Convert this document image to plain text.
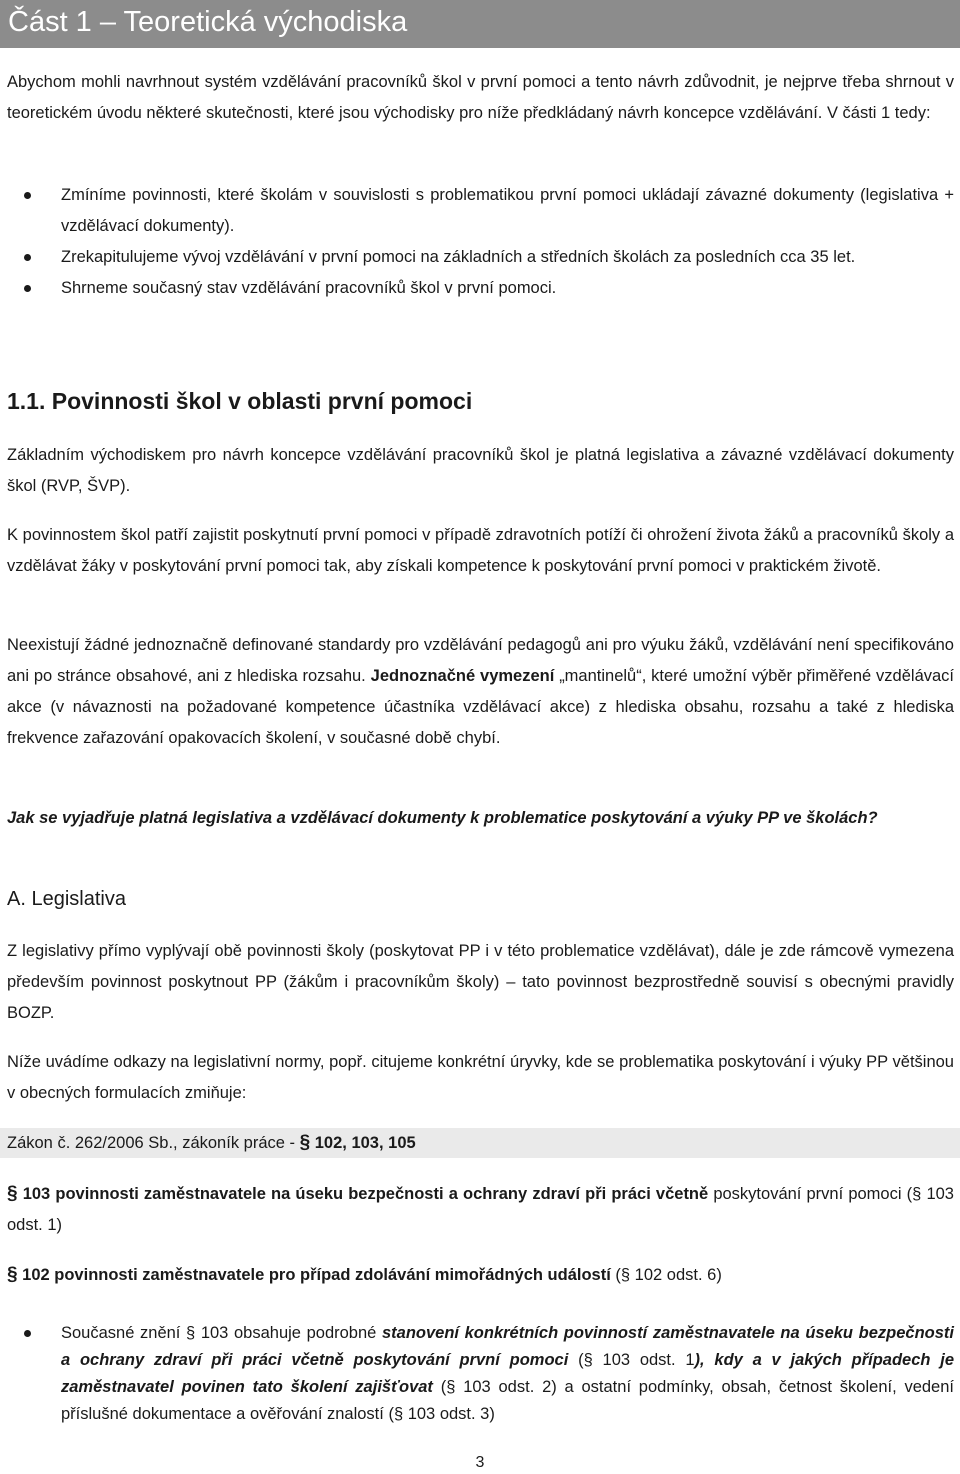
Část 1 – Teoretická východiska

Abychom mohli navrhnout systém vzdělávání pracovníků škol v první pomoci a tento návrh zdůvodnit, je nejprve třeba shrnout v teoretickém úvodu některé skutečnosti, které jsou východisky pro níže předkládaný návrh koncepce vzdělávání. V části 1 tedy:

Zmíníme povinnosti, které školám v souvislosti s problematikou první pomoci ukládají závazné dokumenty (legislativa + vzdělávací dokumenty).
Zrekapitulujeme vývoj vzdělávání v první pomoci na základních a středních školách za posledních cca 35 let.
Shrneme současný stav vzdělávání pracovníků škol v první pomoci.
1.1. Povinnosti škol v oblasti první pomoci

Základním východiskem pro návrh koncepce vzdělávání pracovníků škol je platná legislativa a závazné vzdělávací dokumenty škol (RVP, ŠVP).

K povinnostem škol patří zajistit poskytnutí první pomoci v případě zdravotních potíží či ohrožení života žáků a pracovníků školy a vzdělávat žáky v poskytování první pomoci tak, aby získali kompetence k poskytování první pomoci v praktickém životě.

Neexistují žádné jednoznačně definované standardy pro vzdělávání pedagogů ani pro výuku žáků, vzdělávání není specifikováno ani po stránce obsahové, ani z hlediska rozsahu. Jednoznačné vymezení „mantinelů“, které umožní výběr přiměřené vzdělávací akce (v návaznosti na požadované kompetence účastníka vzdělávací akce) z hlediska obsahu, rozsahu a také z hlediska frekvence zařazování opakovacích školení, v současné době chybí.

Jak se vyjadřuje platná legislativa a vzdělávací dokumenty k problematice poskytování a výuky PP ve školách?

A. Legislativa

Z legislativy přímo vyplývají obě povinnosti školy (poskytovat PP i v této problematice vzdělávat), dále je zde rámcově vymezena především povinnost poskytnout PP (žákům i pracovníkům školy) – tato povinnost bezprostředně souvisí s obecnými pravidly BOZP.

Níže uvádíme odkazy na legislativní normy, popř. citujeme konkrétní úryvky, kde se problematika poskytování i výuky PP většinou v obecných formulacích zmiňuje:

Zákon č. 262/2006 Sb., zákoník práce - § 102, 103, 105

§ 103 povinnosti zaměstnavatele na úseku bezpečnosti a ochrany zdraví při práci včetně poskytování první pomoci (§ 103 odst. 1)

§ 102 povinnosti zaměstnavatele pro případ zdolávání mimořádných událostí (§ 102 odst. 6)

Současné znění § 103 obsahuje podrobné stanovení konkrétních povinností zaměstnavatele na úseku bezpečnosti a ochrany zdraví při práci včetně poskytování první pomoci (§ 103 odst. 1), kdy a v jakých případech je zaměstnavatel povinen tato školení zajišťovat (§ 103 odst. 2) a ostatní podmínky, obsah, četnost školení, vedení příslušné dokumentace a ověřování znalostí (§ 103 odst. 3)
3
